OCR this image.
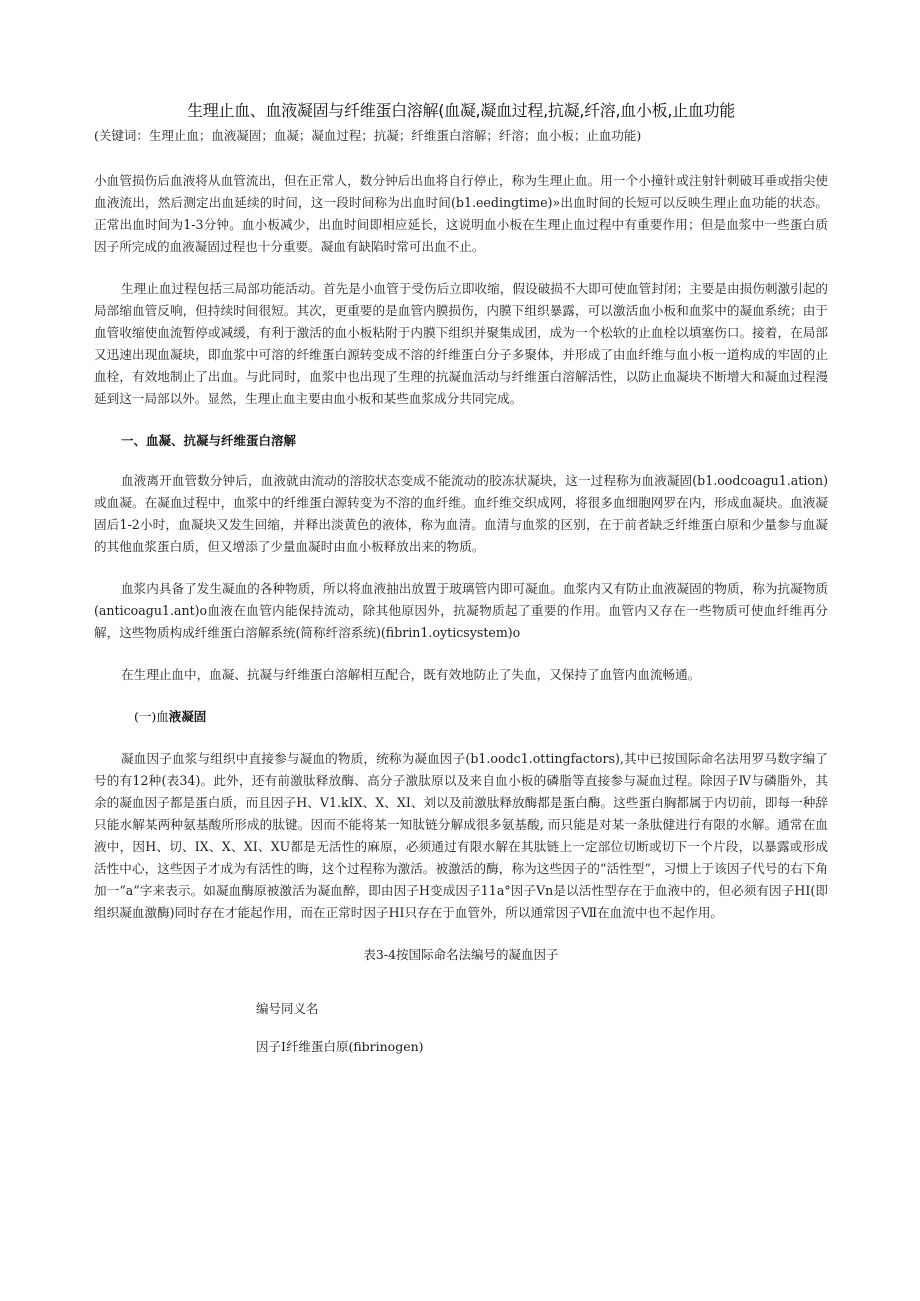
生理止血、血液凝固与纤维蛋白溶解(血凝,凝血过程,抗凝,纤溶,血小板,止血功能
(关键词：生理止血；血液凝固；血凝；凝血过程；抗凝；纤维蛋白溶解；纤溶；血小板；止血功能)

小血管损伤后血液将从血管流出，但在正常人，数分钟后出血将自行停止，称为生理止血。用一个小撞针或注射针刺破耳垂或指尖使血液流出，然后测定出血延续的时间，这一段时间称为出血时间(b1.eedingtime)»出血时间的长短可以反映生理止血功能的状态。正常出血时间为1-3分钟。血小板减少，出血时间即相应延长，这说明血小板在生理止血过程中有重要作用；但是血浆中一些蛋白质因子所完成的血液凝固过程也十分重要。凝血有缺陷时常可出血不止。

生理止血过程包括三局部功能活动。首先是小血管于受伤后立即收缩，假设破损不大即可使血管封闭；主要是由损伤刺激引起的局部缩血管反响，但持续时间很短。其次，更重要的是血管内膜损伤，内膜下组织暴露，可以激活血小板和血浆中的凝血系统；由于血管收缩使血流暂停或减缓，有利于激活的血小板粘附于内膜下组织并聚集成团，成为一个松软的止血栓以填塞伤口。接着，在局部又迅速出现血凝块，即血浆中可溶的纤维蛋白源转变成不溶的纤维蛋白分子多聚体，并形成了由血纤维与血小板一道构成的牢固的止血栓，有效地制止了出血。与此同时，血浆中也出现了生理的抗凝血活动与纤维蛋白溶解活性，以防止血凝块不断增大和凝血过程漫延到这一局部以外。显然，生理止血主要由血小板和某些血浆成分共同完成。

一、血凝、抗凝与纤维蛋白溶解

血液离开血管数分钟后，血液就由流动的溶胶状态变成不能流动的胶冻状凝块，这一过程称为血液凝固(b1.oodcoagu1.ation)或血凝。在凝血过程中，血浆中的纤维蛋白源转变为不溶的血纤维。血纤维交织成网，将很多血细胞网罗在内，形成血凝块。血液凝固后1-2小时，血凝块又发生回缩，并释出淡黄色的液体，称为血清。血清与血浆的区别，在于前者缺乏纤维蛋白原和少量参与血凝的其他血浆蛋白质，但又增添了少量血凝时由血小板释放出来的物质。

血浆内具备了发生凝血的各种物质，所以将血液抽出放置于玻璃管内即可凝血。血浆内又有防止血液凝固的物质，称为抗凝物质(anticoagu1.ant)o血液在血管内能保持流动，除其他原因外，抗凝物质起了重要的作用。血管内又存在一些物质可使血纤维再分解，这些物质构成纤维蛋白溶解系统(简称纤溶系统)(fibrin1.oyticsystem)o

在生理止血中，血凝、抗凝与纤维蛋白溶解相互配合，既有效地防止了失血，又保持了血管内血流畅通。

(一)血液凝固

凝血因子血浆与组织中直接参与凝血的物质，统称为凝血因子(b1.oodc1.ottingfactors),其中已按国际命名法用罗马数字编了号的有12种(表34)。此外，还有前激肽释放酶、高分子激肽原以及来自血小板的磷脂等直接参与凝血过程。除因子Ⅳ与磷脂外，其余的凝血因子都是蛋白质，而且因子H、V1.kIX、X、XI、刘以及前激肽释放酶都是蛋白酶。这些蛋白胸都属于内切前，即每一种辞只能水解某两种氨基酸所形成的肽键。因而不能将某一知肽链分解成很多氨基酸, 而只能是对某一条肽健进行有限的水解。通常在血液中，因H、切、IX、X、XI、XU都是无活性的麻原，必须通过有限水解在其肽链上一定部位切断或切下一个片段，以暴露或形成活性中心，这些因子才成为有活性的晦，这个过程称为激活。被激活的酶，称为这些因子的“活性型”，习惯上于该因子代号的右下角加一“a”字来表示。如凝血酶原被激活为凝血醉，即由因子H变成因子11a°因子Vn是以活性型存在于血液中的，但必须有因子HI(即组织凝血激酶)同时存在才能起作用，而在正常时因子HI只存在于血管外，所以通常因子Ⅶ在血流中也不起作用。

表3-4按国际命名法编号的凝血因子
编号同义名
因子I纤维蛋白原(fibrinogen)
